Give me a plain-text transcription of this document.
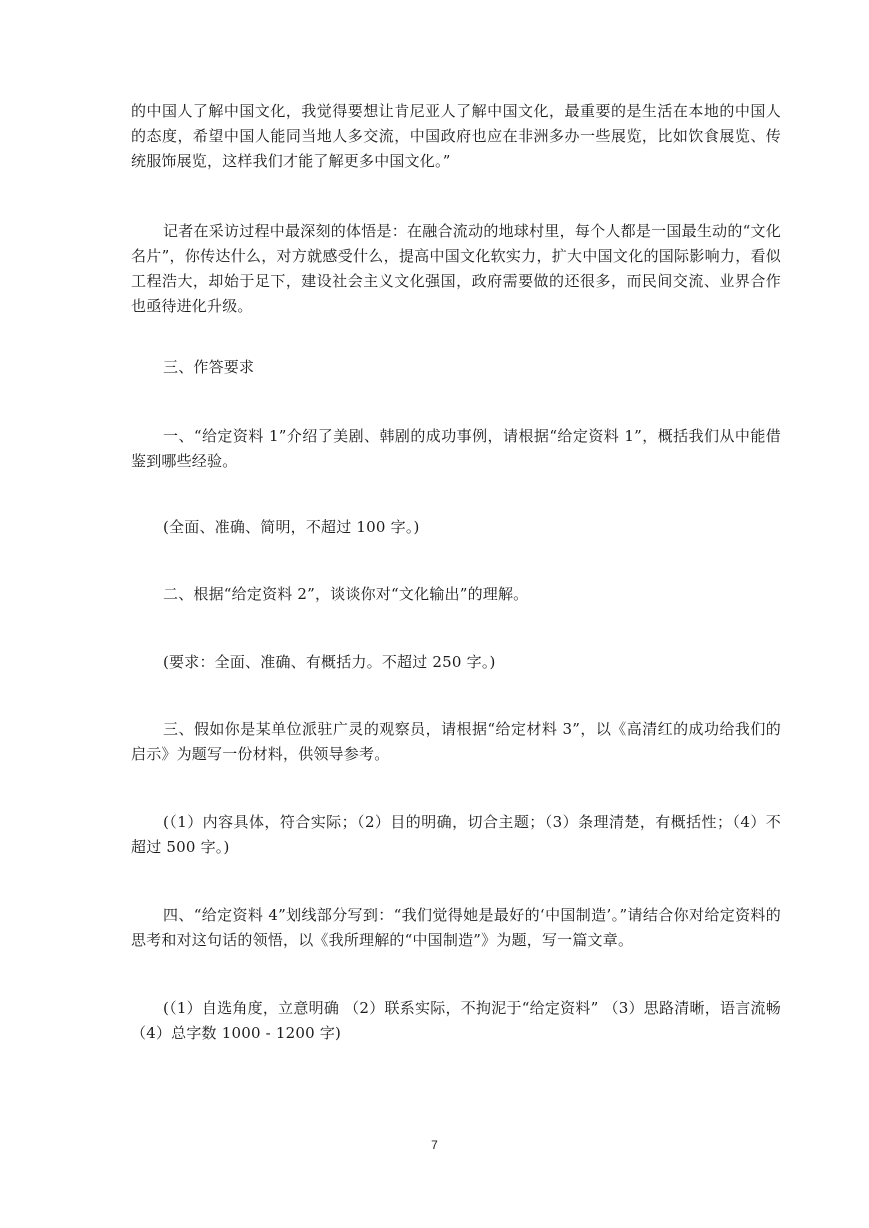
的中国人了解中国文化，我觉得要想让肯尼亚人了解中国文化，最重要的是生活在本地的中国人的态度，希望中国人能同当地人多交流，中国政府也应在非洲多办一些展览，比如饮食展览、传统服饰展览，这样我们才能了解更多中国文化。”

记者在采访过程中最深刻的体悟是：在融合流动的地球村里，每个人都是一国最生动的“文化名片”，你传达什么，对方就感受什么，提高中国文化软实力，扩大中国文化的国际影响力，看似工程浩大，却始于足下，建设社会主义文化强国，政府需要做的还很多，而民间交流、业界合作也亟待进化升级。

三、作答要求

一、“给定资料 1”介绍了美剧、韩剧的成功事例，请根据“给定资料 1”，概括我们从中能借鉴到哪些经验。

(全面、准确、简明，不超过 100 字。)

二、根据“给定资料 2”，谈谈你对“文化输出”的理解。

(要求：全面、准确、有概括力。不超过 250 字。)

三、假如你是某单位派驻广灵的观察员，请根据“给定材料 3”，以《高清红的成功给我们的启示》为题写一份材料，供领导参考。

(（1）内容具体，符合实际；（2）目的明确，切合主题；（3）条理清楚，有概括性；（4）不超过 500 字。)

四、“给定资料 4”划线部分写到：“我们觉得她是最好的‘中国制造’。”请结合你对给定资料的思考和对这句话的领悟，以《我所理解的“中国制造”》为题，写一篇文章。

(（1）自选角度，立意明确 （2）联系实际，不拘泥于“给定资料” （3）思路清晰，语言流畅 （4）总字数 1000 - 1200 字)

7
